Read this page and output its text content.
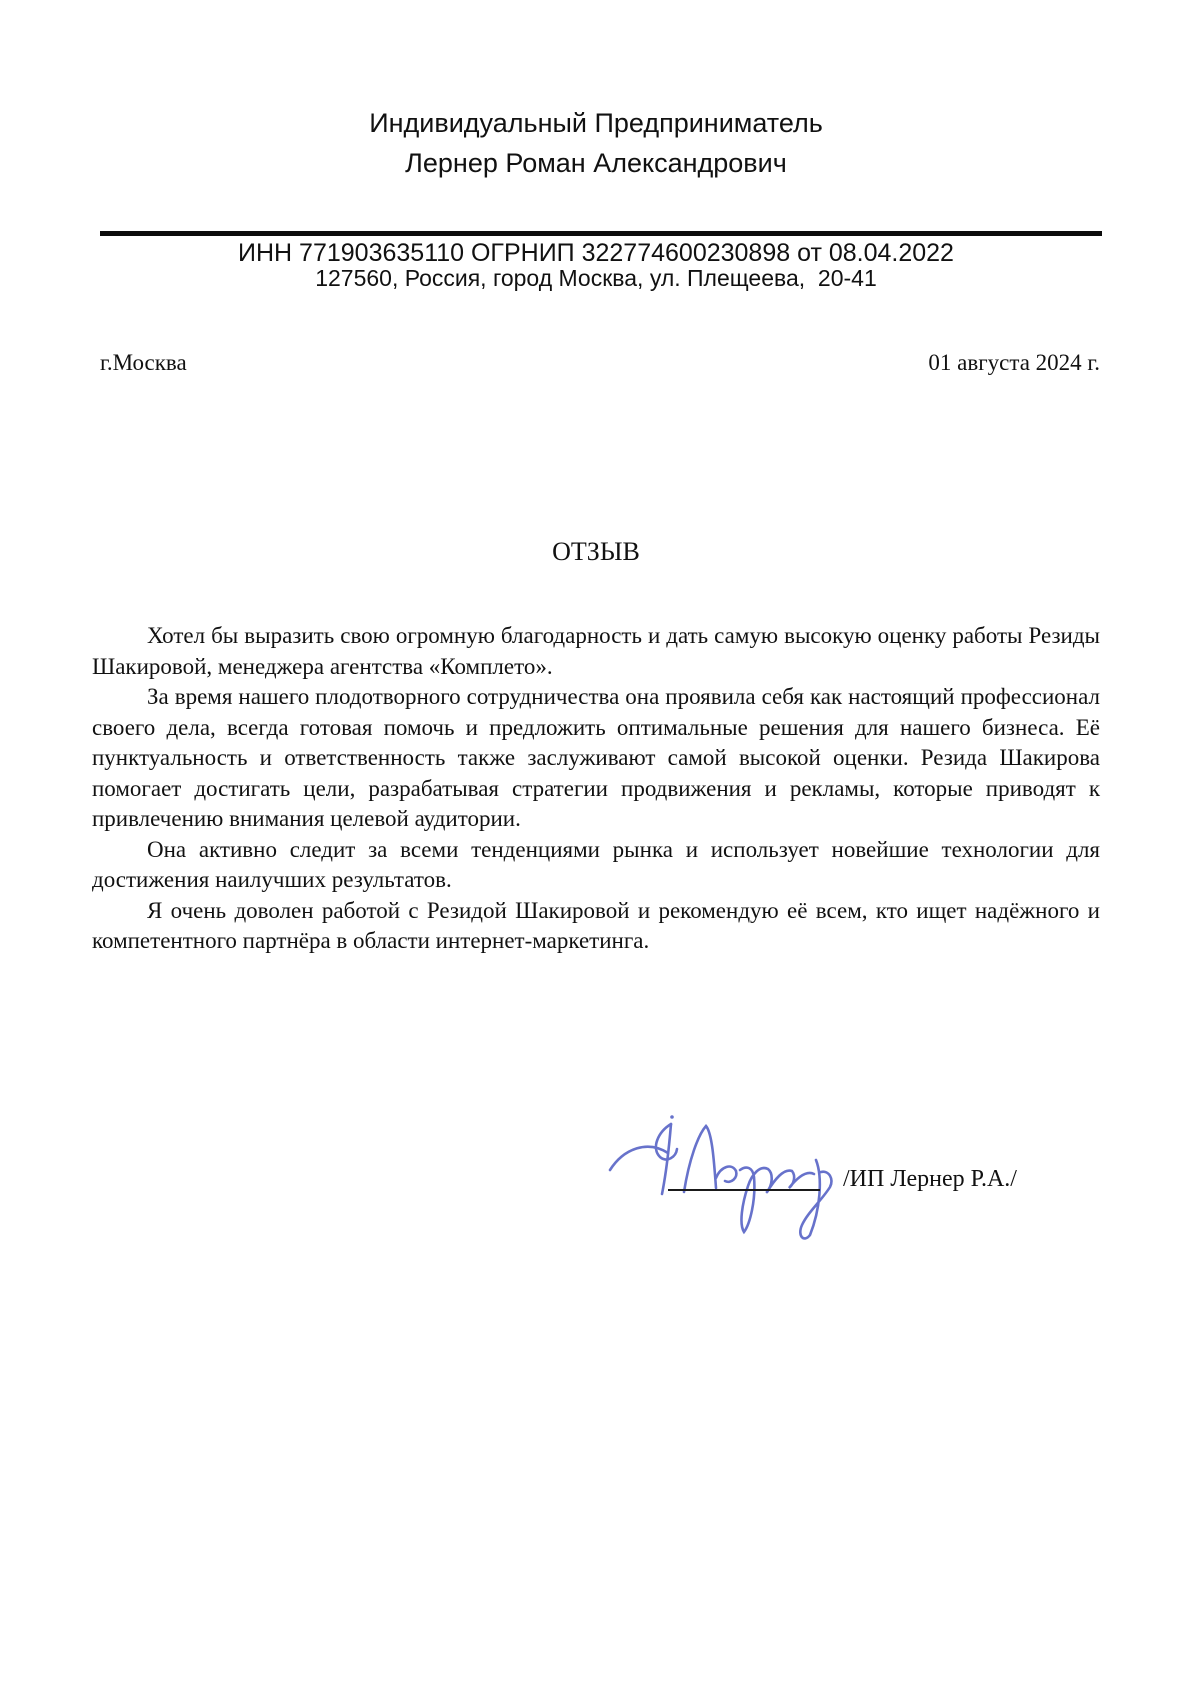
Индивидуальный Предприниматель
Лернер Роман Александрович
ИНН 771903635110 ОГРНИП 322774600230898 от 08.04.2022
127560, Россия, город Москва, ул. Плещеева,  20-41
г.Москва	01 августа 2024 г.
ОТЗЫВ

Хотел бы выразить свою огромную благодарность и дать самую высокую оценку работы Резиды Шакировой, менеджера агентства «Комплето».

За время нашего плодотворного сотрудничества она проявила себя как настоящий профессионал своего дела, всегда готовая помочь и предложить оптимальные решения для нашего бизнеса. Её пунктуальность и ответственность также заслуживают самой высокой оценки. Резида Шакирова помогает достигать цели, разрабатывая стратегии продвижения и рекламы, которые приводят к привлечению внимания целевой аудитории.

Она активно следит за всеми тенденциями рынка и использует новейшие технологии для достижения наилучших результатов.

Я очень доволен работой с Резидой Шакировой и рекомендую её всем, кто ищет надёжного и компетентного партнёра в области интернет-маркетинга.

/ИП Лернер Р.А./
